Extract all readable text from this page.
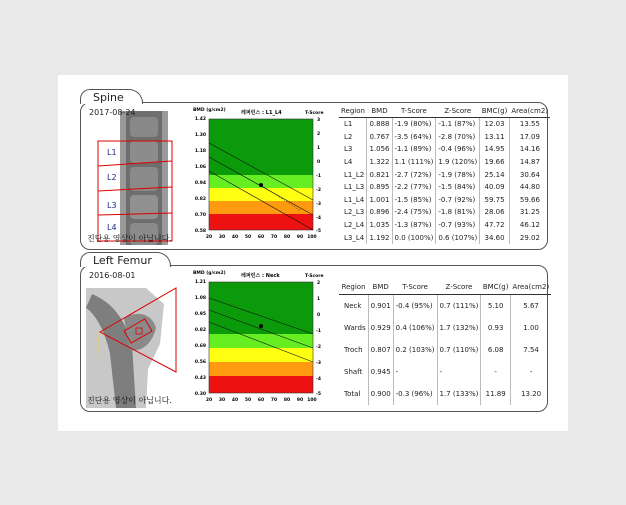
Spine
2017-08-24
L1
L2
L3
L4
진단용 영상이 아닙니다.
BMD (g/cm2)	레퍼런스 : L1_L4	T-Score
1.42
1.30
1.18
1.06
0.94
0.82
0.70
0.58
3
2
1
0
-1
-2
-3
-4
-5
20 30 40 50 60 70 80 90 100
Region	BMD	T-Score	Z-Score	BMC(g)	Area(cm2)
L1	0.888	-1.9 (80%)	-1.1 (87%)	12.03	13.55
L2	0.767	-3.5 (64%)	-2.8 (70%)	13.11	17.09
L3	1.056	-1.1 (89%)	-0.4 (96%)	14.95	14.16
L4	1.322	1.1 (111%)	1.9 (120%)	19.66	14.87
L1_L2	0.821	-2.7 (72%)	-1.9 (78%)	25.14	30.64
L1_L3	0.895	-2.2 (77%)	-1.5 (84%)	40.09	44.80
L1_L4	1.001	-1.5 (85%)	-0.7 (92%)	59.75	59.66
L2_L3	0.896	-2.4 (75%)	-1.8 (81%)	28.06	31.25
L2_L4	1.035	-1.3 (87%)	-0.7 (93%)	47.72	46.12
L3_L4	1.192	0.0 (100%)	0.6 (107%)	34.60	29.02
Left Femur
2016-08-01
진단용 영상이 아닙니다.
BMD (g/cm2)	레퍼런스 : Neck	T-Score
1.21
1.08
0.95
0.82
0.69
0.56
0.43
0.30
2
1
0
-1
-2
-3
-4
-5
20 30 40 50 60 70 80 90 100
Region	BMD	T-Score	Z-Score	BMC(g)	Area(cm2)
Neck	0.901	-0.4 (95%)	0.7 (111%)	5.10	5.67
Wards	0.929	0.4 (106%)	1.7 (132%)	0.93	1.00
Troch	0.807	0.2 (103%)	0.7 (110%)	6.08	7.54
Shaft	0.945	-	-	-	-
Total	0.900	-0.3 (96%)	1.7 (133%)	11.89	13.20
